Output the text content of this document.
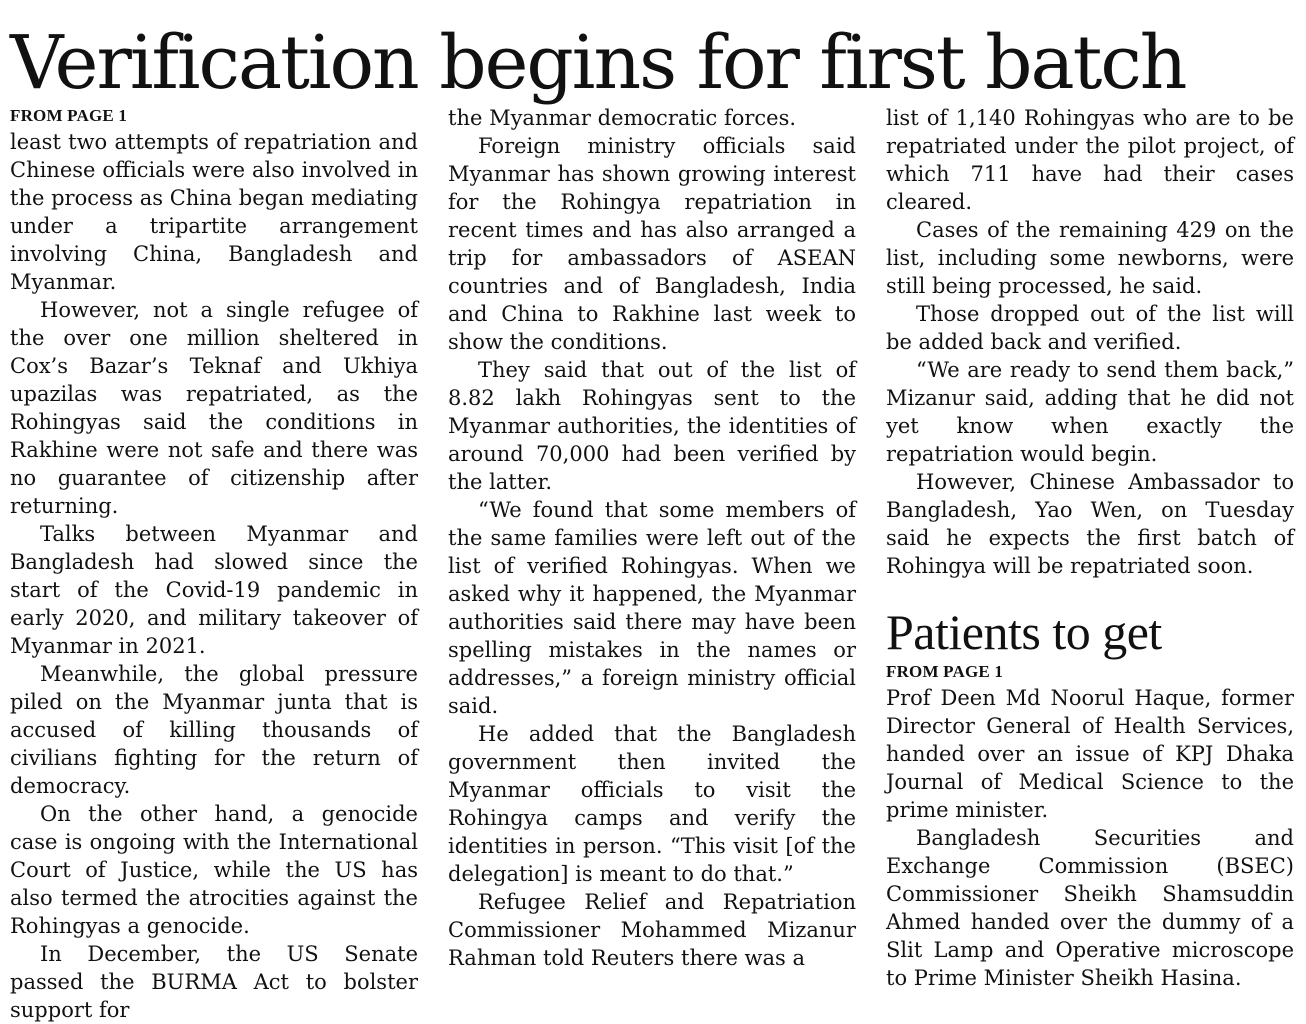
Verification begins for first batch
FROM PAGE 1

least two attempts of repatriation and Chinese officials were also involved in the process as China began mediating under a tripartite arrangement involving China, Bangladesh and Myanmar.

However, not a single refugee of the over one million sheltered in Cox’s Bazar’s Teknaf and Ukhiya upazilas was repatriated, as the Rohingyas said the conditions in Rakhine were not safe and there was no guarantee of citizenship after returning.

Talks between Myanmar and Bangladesh had slowed since the start of the Covid-19 pandemic in early 2020, and military takeover of Myanmar in 2021.

Meanwhile, the global pressure piled on the Myanmar junta that is accused of killing thousands of civilians fighting for the return of democracy.

On the other hand, a genocide case is ongoing with the International Court of Justice, while the US has also termed the atrocities against the Rohingyas a genocide.

In December, the US Senate passed the BURMA Act to bolster support for

the Myanmar democratic forces.

Foreign ministry officials said Myanmar has shown growing interest for the Rohingya repatriation in recent times and has also arranged a trip for ambassadors of ASEAN countries and of Bangladesh, India and China to Rakhine last week to show the conditions.

They said that out of the list of 8.82 lakh Rohingyas sent to the Myanmar authorities, the identities of around 70,000 had been verified by the latter.

“We found that some members of the same families were left out of the list of verified Rohingyas. When we asked why it happened, the Myanmar authorities said there may have been spelling mistakes in the names or addresses,” a foreign ministry official said.

He added that the Bangladesh government then invited the Myanmar officials to visit the Rohingya camps and verify the identities in person. “This visit [of the delegation] is meant to do that.”

Refugee Relief and Repatriation Commissioner Mohammed Mizanur Rahman told Reuters there was a

list of 1,140 Rohingyas who are to be repatriated under the pilot project, of which 711 have had their cases cleared.

Cases of the remaining 429 on the list, including some newborns, were still being processed, he said.

Those dropped out of the list will be added back and verified.

“We are ready to send them back,” Mizanur said, adding that he did not yet know when exactly the repatriation would begin.

However, Chinese Ambassador to Bangladesh, Yao Wen, on Tuesday said he expects the first batch of Rohingya will be repatriated soon.

Patients to get
FROM PAGE 1

Prof Deen Md Noorul Haque, former Director General of Health Services, handed over an issue of KPJ Dhaka Journal of Medical Science to the prime minister.

Bangladesh Securities and Exchange Commission (BSEC) Commissioner Sheikh Shamsuddin Ahmed handed over the dummy of a Slit Lamp and Operative microscope to Prime Minister Sheikh Hasina.
